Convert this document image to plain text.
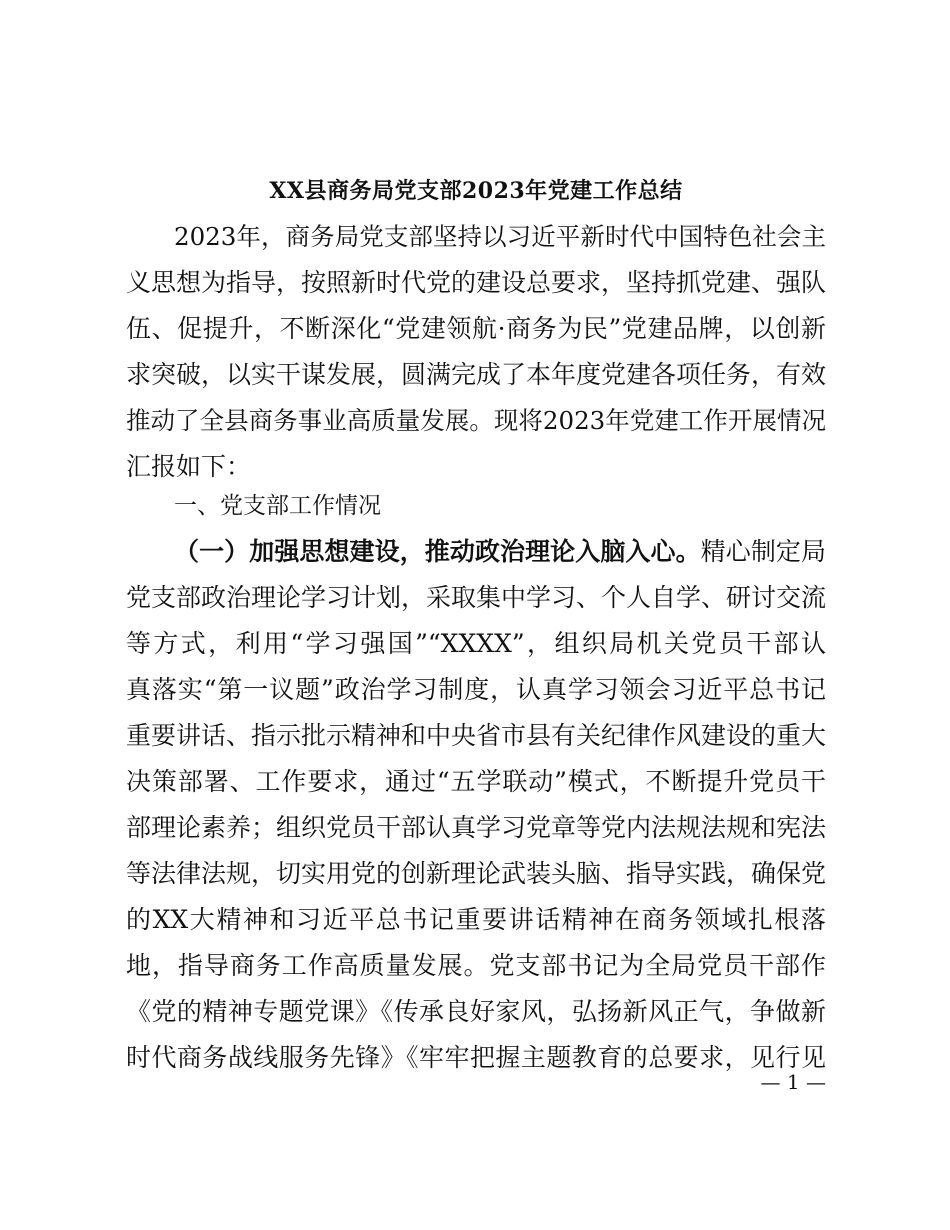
XX县商务局党支部2023年党建工作总结
2023年，商务局党支部坚持以习近平新时代中国特色社会主
义思想为指导，按照新时代党的建设总要求，坚持抓党建、强队
伍、促提升，不断深化“党建领航·商务为民”党建品牌，以创新
求突破，以实干谋发展，圆满完成了本年度党建各项任务，有效
推动了全县商务事业高质量发展。现将2023年党建工作开展情况
汇报如下：
一、党支部工作情况
（一）加强思想建设，推动政治理论入脑入心。精心制定局
党支部政治理论学习计划，采取集中学习、个人自学、研讨交流
等方式，利用“学习强国”“XXXX”，组织局机关党员干部认
真落实“第一议题”政治学习制度，认真学习领会习近平总书记
重要讲话、指示批示精神和中央省市县有关纪律作风建设的重大
决策部署、工作要求，通过“五学联动”模式，不断提升党员干
部理论素养；组织党员干部认真学习党章等党内法规法规和宪法
等法律法规，切实用党的创新理论武装头脑、指导实践，确保党
的XX大精神和习近平总书记重要讲话精神在商务领域扎根落
地，指导商务工作高质量发展。党支部书记为全局党员干部作
《党的精神专题党课》《传承良好家风，弘扬新风正气，争做新
时代商务战线服务先锋》《牢牢把握主题教育的总要求，见行见
— 1 —
